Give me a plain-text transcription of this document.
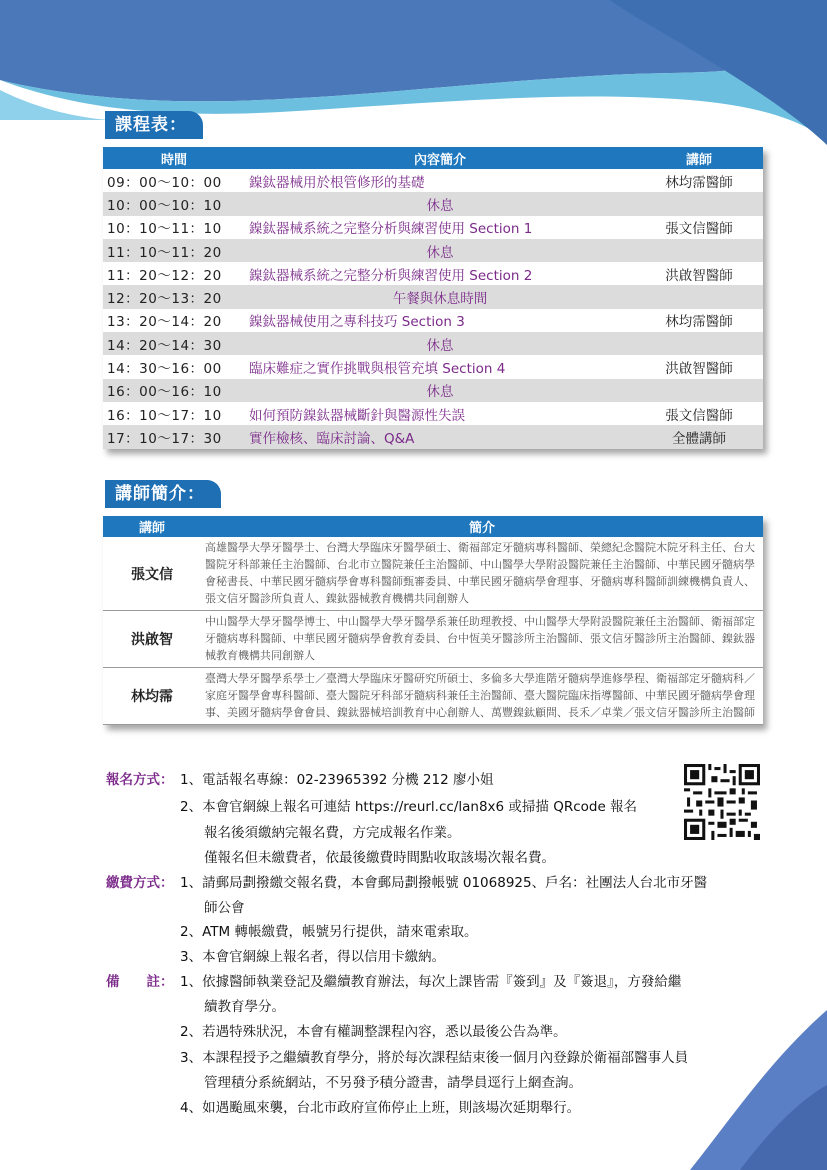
課程表：
時間	內容簡介	講師
09：00～10：00	鎳鈦器械用於根管修形的基礎	林均霈醫師
10：00～10：10	休息	
10：10～11：10	鎳鈦器械系統之完整分析與練習使用 Section 1	張文信醫師
11：10～11：20	休息	
11：20～12：20	鎳鈦器械系統之完整分析與練習使用 Section 2	洪啟智醫師
12：20～13：20	午餐與休息時間	
13：20～14：20	鎳鈦器械使用之專科技巧 Section 3	林均霈醫師
14：20～14：30	休息	
14：30～16：00	臨床難症之實作挑戰與根管充填 Section 4	洪啟智醫師
16：00～16：10	休息	
16：10～17：10	如何預防鎳鈦器械斷針與醫源性失誤	張文信醫師
17：10～17：30	實作檢核、臨床討論、Q&A	全體講師
講師簡介：
講師	簡介
張文信	高雄醫學大學牙醫學士、台灣大學臨床牙醫學碩士、衛福部定牙髓病專科醫師、榮總紀念醫院木院牙科主任、台大醫院牙科部兼任主治醫師、台北市立醫院兼任主治醫師、中山醫學大學附設醫院兼任主治醫師、中華民國牙髓病學會秘書長、中華民國牙髓病學會專科醫師甄審委員、中華民國牙髓病學會理事、牙髓病專科醫師訓練機構負責人、張文信牙醫診所負責人、鎳鈦器械教育機構共同創辦人
洪啟智	中山醫學大學牙醫學博士、中山醫學大學牙醫學系兼任助理教授、中山醫學大學附設醫院兼任主治醫師、衛福部定牙髓病專科醫師、中華民國牙髓病學會教育委員、台中恆美牙醫診所主治醫師、張文信牙醫診所主治醫師、鎳鈦器械教育機構共同創辦人
林均霈	臺灣大學牙醫學系學士／臺灣大學臨床牙醫研究所碩士、多倫多大學進階牙髓病學進修學程、衛福部定牙髓病科／家庭牙醫學會專科醫師、臺大醫院牙科部牙髓病科兼任主治醫師、臺大醫院臨床指導醫師、中華民國牙髓病學會理事、美國牙髓病學會會員、鎳鈦器械培訓教育中心創辦人、萬豐鎳鈦顧問、長禾／卓業／張文信牙醫診所主治醫師
報名方式： 1、電話報名專線：02-23965392 分機 212 廖小姐
2、本會官網線上報名可連結 https://reurl.cc/lan8x6 或掃描 QRcode 報名
報名後須繳納完報名費，方完成報名作業。
僅報名但未繳費者，依最後繳費時間點收取該場次報名費。
繳費方式： 1、請郵局劃撥繳交報名費，本會郵局劃撥帳號 01068925、戶名：社團法人台北市牙醫
師公會
2、ATM 轉帳繳費，帳號另行提供，請來電索取。
3、本會官網線上報名者，得以信用卡繳納。
備　　註： 1、依據醫師執業登記及繼續教育辦法，每次上課皆需『簽到』及『簽退』，方發給繼
續教育學分。
2、若遇特殊狀況，本會有權調整課程內容，悉以最後公告為準。
3、本課程授予之繼續教育學分，將於每次課程結束後一個月內登錄於衛福部醫事人員
管理積分系統網站，不另發予積分證書，請學員逕行上網查詢。
4、如遇颱風來襲，台北市政府宣佈停止上班，則該場次延期舉行。
